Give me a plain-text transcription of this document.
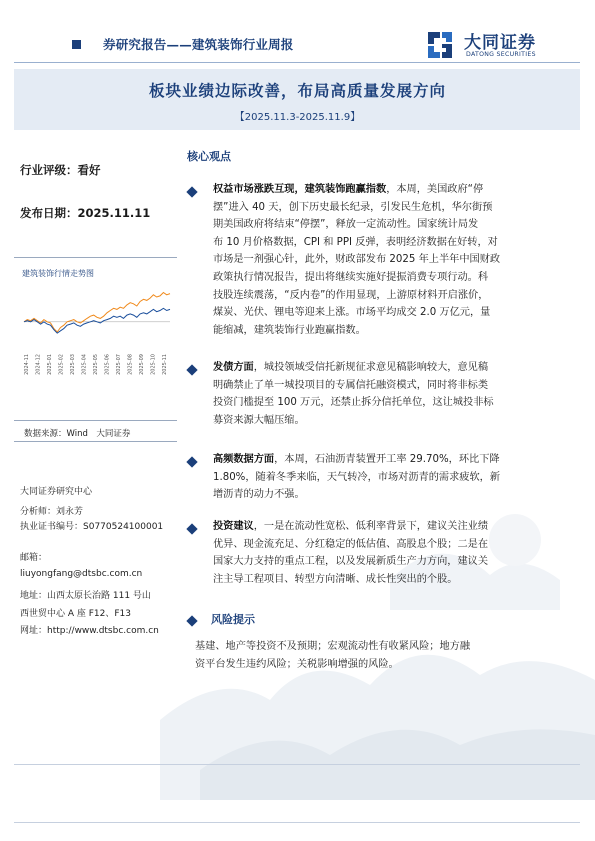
券研究报告——建筑装饰行业周报	大同证券
DATONG SECURITIES
板块业绩边际改善，布局高质量发展方向
【2025.11.3-2025.11.9】
行业评级：看好
发布日期：2025.11.11
建筑装饰行情走势图
2024-11 2024-12 2025-01 2025-02 2025-03 2025-04 2025-05 2025-06 2025-07 2025-08 2025-09 2025-10 2025-11
数据来源：Wind　大同证券
大同证券研究中心
分析师：刘永芳
执业证书编号：S0770524100001
邮箱：
liuyongfang@dtsbc.com.cn
地址：山西太原长治路 111 号山
西世贸中心 A 座 F12、F13
网址：http://www.dtsbc.com.cn
核心观点
权益市场涨跌互现，建筑装饰跑赢指数，本周，美国政府“停
摆”进入 40 天，创下历史最长纪录，引发民生危机，华尔街预
期美国政府将结束“停摆”，释放一定流动性。国家统计局发
布 10 月价格数据，CPI 和 PPI 反弹，表明经济数据在好转，对
市场是一剂强心针，此外，财政部发布 2025 年上半年中国财政
政策执行情况报告，提出将继续实施好提振消费专项行动。科
技股连续震荡，“反内卷”的作用显现，上游原材料开启涨价，
煤炭、光伏、锂电等迎来上涨。市场平均成交 2.0 万亿元，量
能缩减，建筑装饰行业跑赢指数。
发债方面，城投领域受信托新规征求意见稿影响较大，意见稿
明确禁止了单一城投项目的专属信托融资模式，同时将非标类
投资门槛提至 100 万元，还禁止拆分信托单位，这让城投非标
募资来源大幅压缩。
高频数据方面，本周，石油沥青装置开工率 29.70%，环比下降
1.80%，随着冬季来临，天气转冷，市场对沥青的需求疲软，新
增沥青的动力不强。
投资建议，一是在流动性宽松、低利率背景下，建议关注业绩
优异、现金流充足、分红稳定的低估值、高股息个股；二是在
国家大力支持的重点工程，以及发展新质生产力方向，建议关
注主导工程项目、转型方向清晰、成长性突出的个股。
风险提示
基建、地产等投资不及预期；宏观流动性有收紧风险；地方融
资平台发生违约风险；关税影响增强的风险。
